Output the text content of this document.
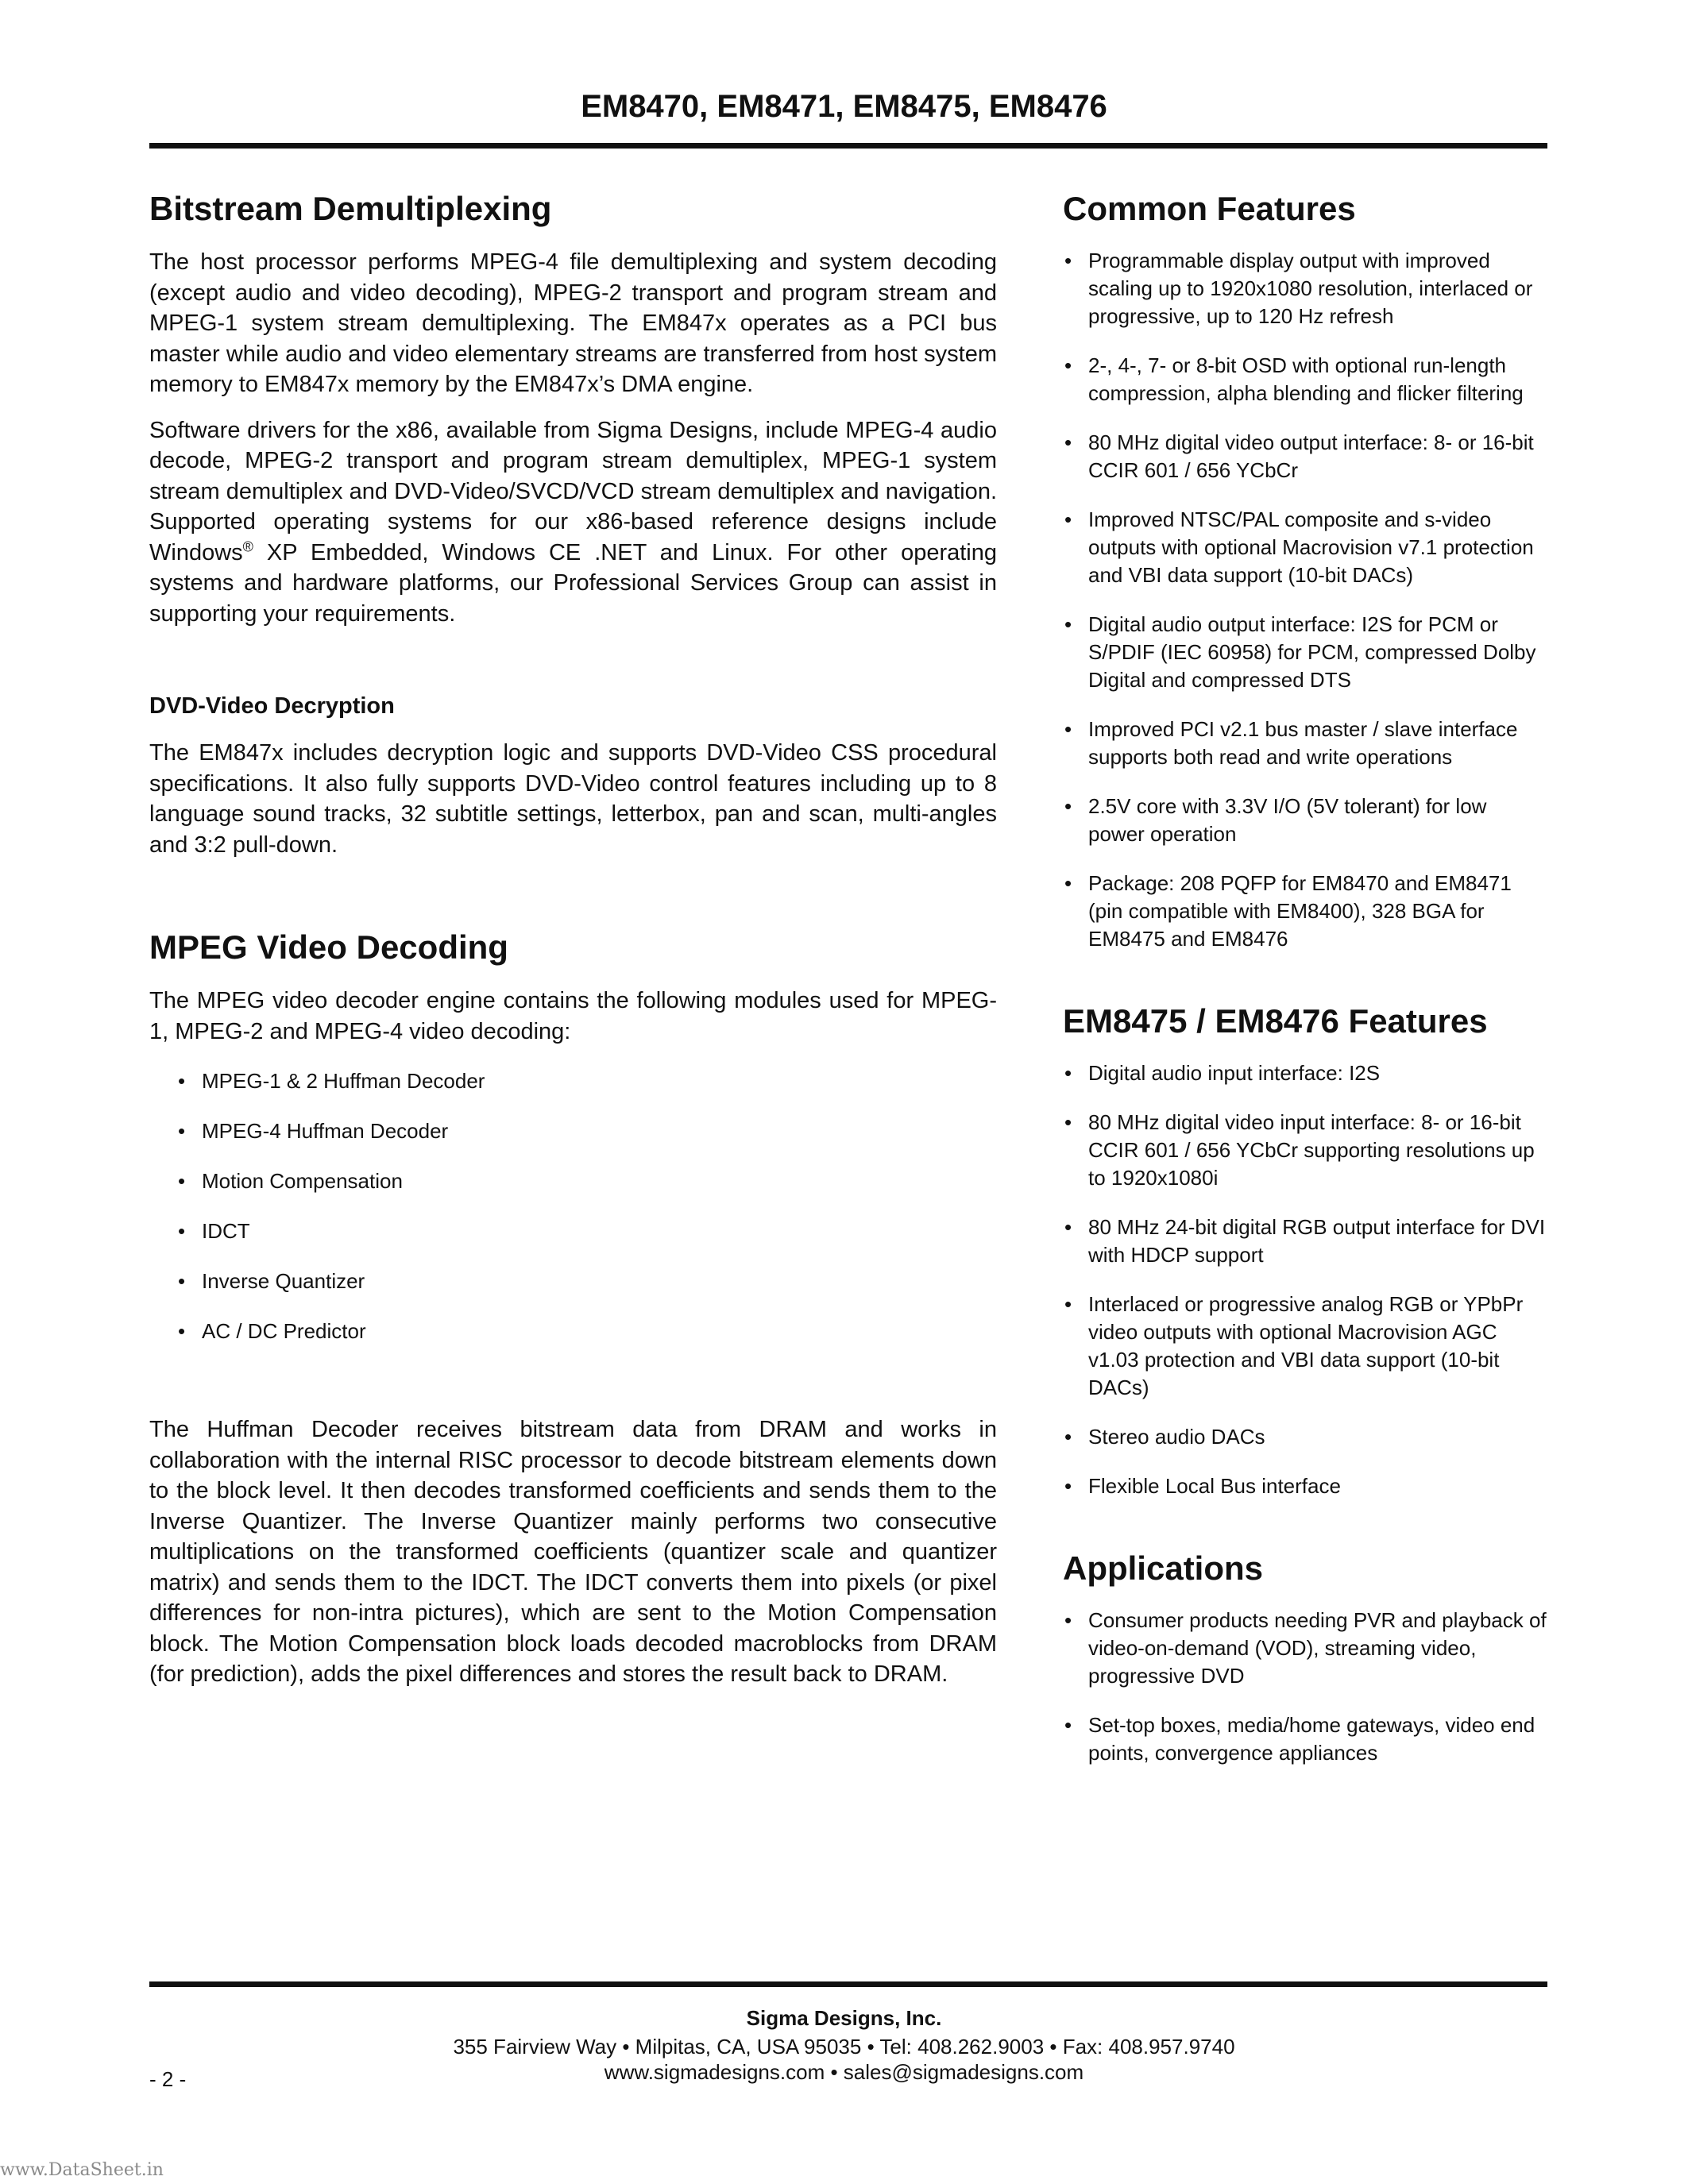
EM8470, EM8471, EM8475, EM8476
Bitstream Demultiplexing

The host processor performs MPEG-4 file demultiplexing and system decoding (except audio and video decoding), MPEG-2 transport and program stream and MPEG-1 system stream demultiplexing. The EM847x operates as a PCI bus master while audio and video elementary streams are transferred from host system memory to EM847x memory by the EM847x’s DMA engine.

Software drivers for the x86, available from Sigma Designs, include MPEG-4 audio decode, MPEG-2 transport and program stream demultiplex, MPEG-1 system stream demultiplex and DVD-Video/SVCD/VCD stream demultiplex and navigation. Supported operating systems for our x86-based reference designs include Windows® XP Embedded, Windows CE .NET and Linux. For other operating systems and hardware platforms, our Professional Services Group can assist in supporting your requirements.

DVD-Video Decryption

The EM847x includes decryption logic and supports DVD-Video CSS procedural specifications. It also fully supports DVD-Video control features including up to 8 language sound tracks, 32 subtitle settings, letterbox, pan and scan, multi-angles and 3:2 pull-down.

MPEG Video Decoding

The MPEG video decoder engine contains the following modules used for MPEG-1, MPEG-2 and MPEG-4 video decoding:

• MPEG-1 & 2 Huffman Decoder
• MPEG-4 Huffman Decoder
• Motion Compensation
• IDCT
• Inverse Quantizer
• AC / DC Predictor

The Huffman Decoder receives bitstream data from DRAM and works in collaboration with the internal RISC processor to decode bitstream elements down to the block level. It then decodes transformed coefficients and sends them to the Inverse Quantizer. The Inverse Quantizer mainly performs two consecutive multiplications on the transformed coefficients (quantizer scale and quantizer matrix) and sends them to the IDCT. The IDCT converts them into pixels (or pixel differences for non-intra pictures), which are sent to the Motion Compensation block. The Motion Compensation block loads decoded macroblocks from DRAM (for prediction), adds the pixel differences and stores the result back to DRAM.

Common Features
• Programmable display output with improved scaling up to 1920x1080 resolution, interlaced or progressive, up to 120 Hz refresh
• 2-, 4-, 7- or 8-bit OSD with optional run-length compression, alpha blending and flicker filtering
• 80 MHz digital video output interface: 8- or 16-bit CCIR 601 / 656 YCbCr
• Improved NTSC/PAL composite and s-video outputs with optional Macrovision v7.1 protection and VBI data support (10-bit DACs)
• Digital audio output interface: I2S for PCM or S/PDIF (IEC 60958) for PCM, compressed Dolby Digital and compressed DTS
• Improved PCI v2.1 bus master / slave interface supports both read and write operations
• 2.5V core with 3.3V I/O (5V tolerant) for low power operation
• Package: 208 PQFP for EM8470 and EM8471 (pin compatible with EM8400), 328 BGA for EM8475 and EM8476
EM8475 / EM8476 Features
• Digital audio input interface: I2S
• 80 MHz digital video input interface: 8- or 16-bit CCIR 601 / 656 YCbCr supporting resolutions up to 1920x1080i
• 80 MHz 24-bit digital RGB output interface for DVI with HDCP support
• Interlaced or progressive analog RGB or YPbPr video outputs with optional Macrovision AGC v1.03 protection and VBI data support (10-bit DACs)
• Stereo audio DACs
• Flexible Local Bus interface
Applications
• Consumer products needing PVR and playback of video-on-demand (VOD), streaming video, progressive DVD
• Set-top boxes, media/home gateways, video end points, convergence appliances
Sigma Designs, Inc.
355 Fairview Way • Milpitas, CA, USA 95035 • Tel: 408.262.9003 • Fax: 408.957.9740
www.sigmadesigns.com • sales@sigmadesigns.com
- 2 -
www.DataSheet.in
